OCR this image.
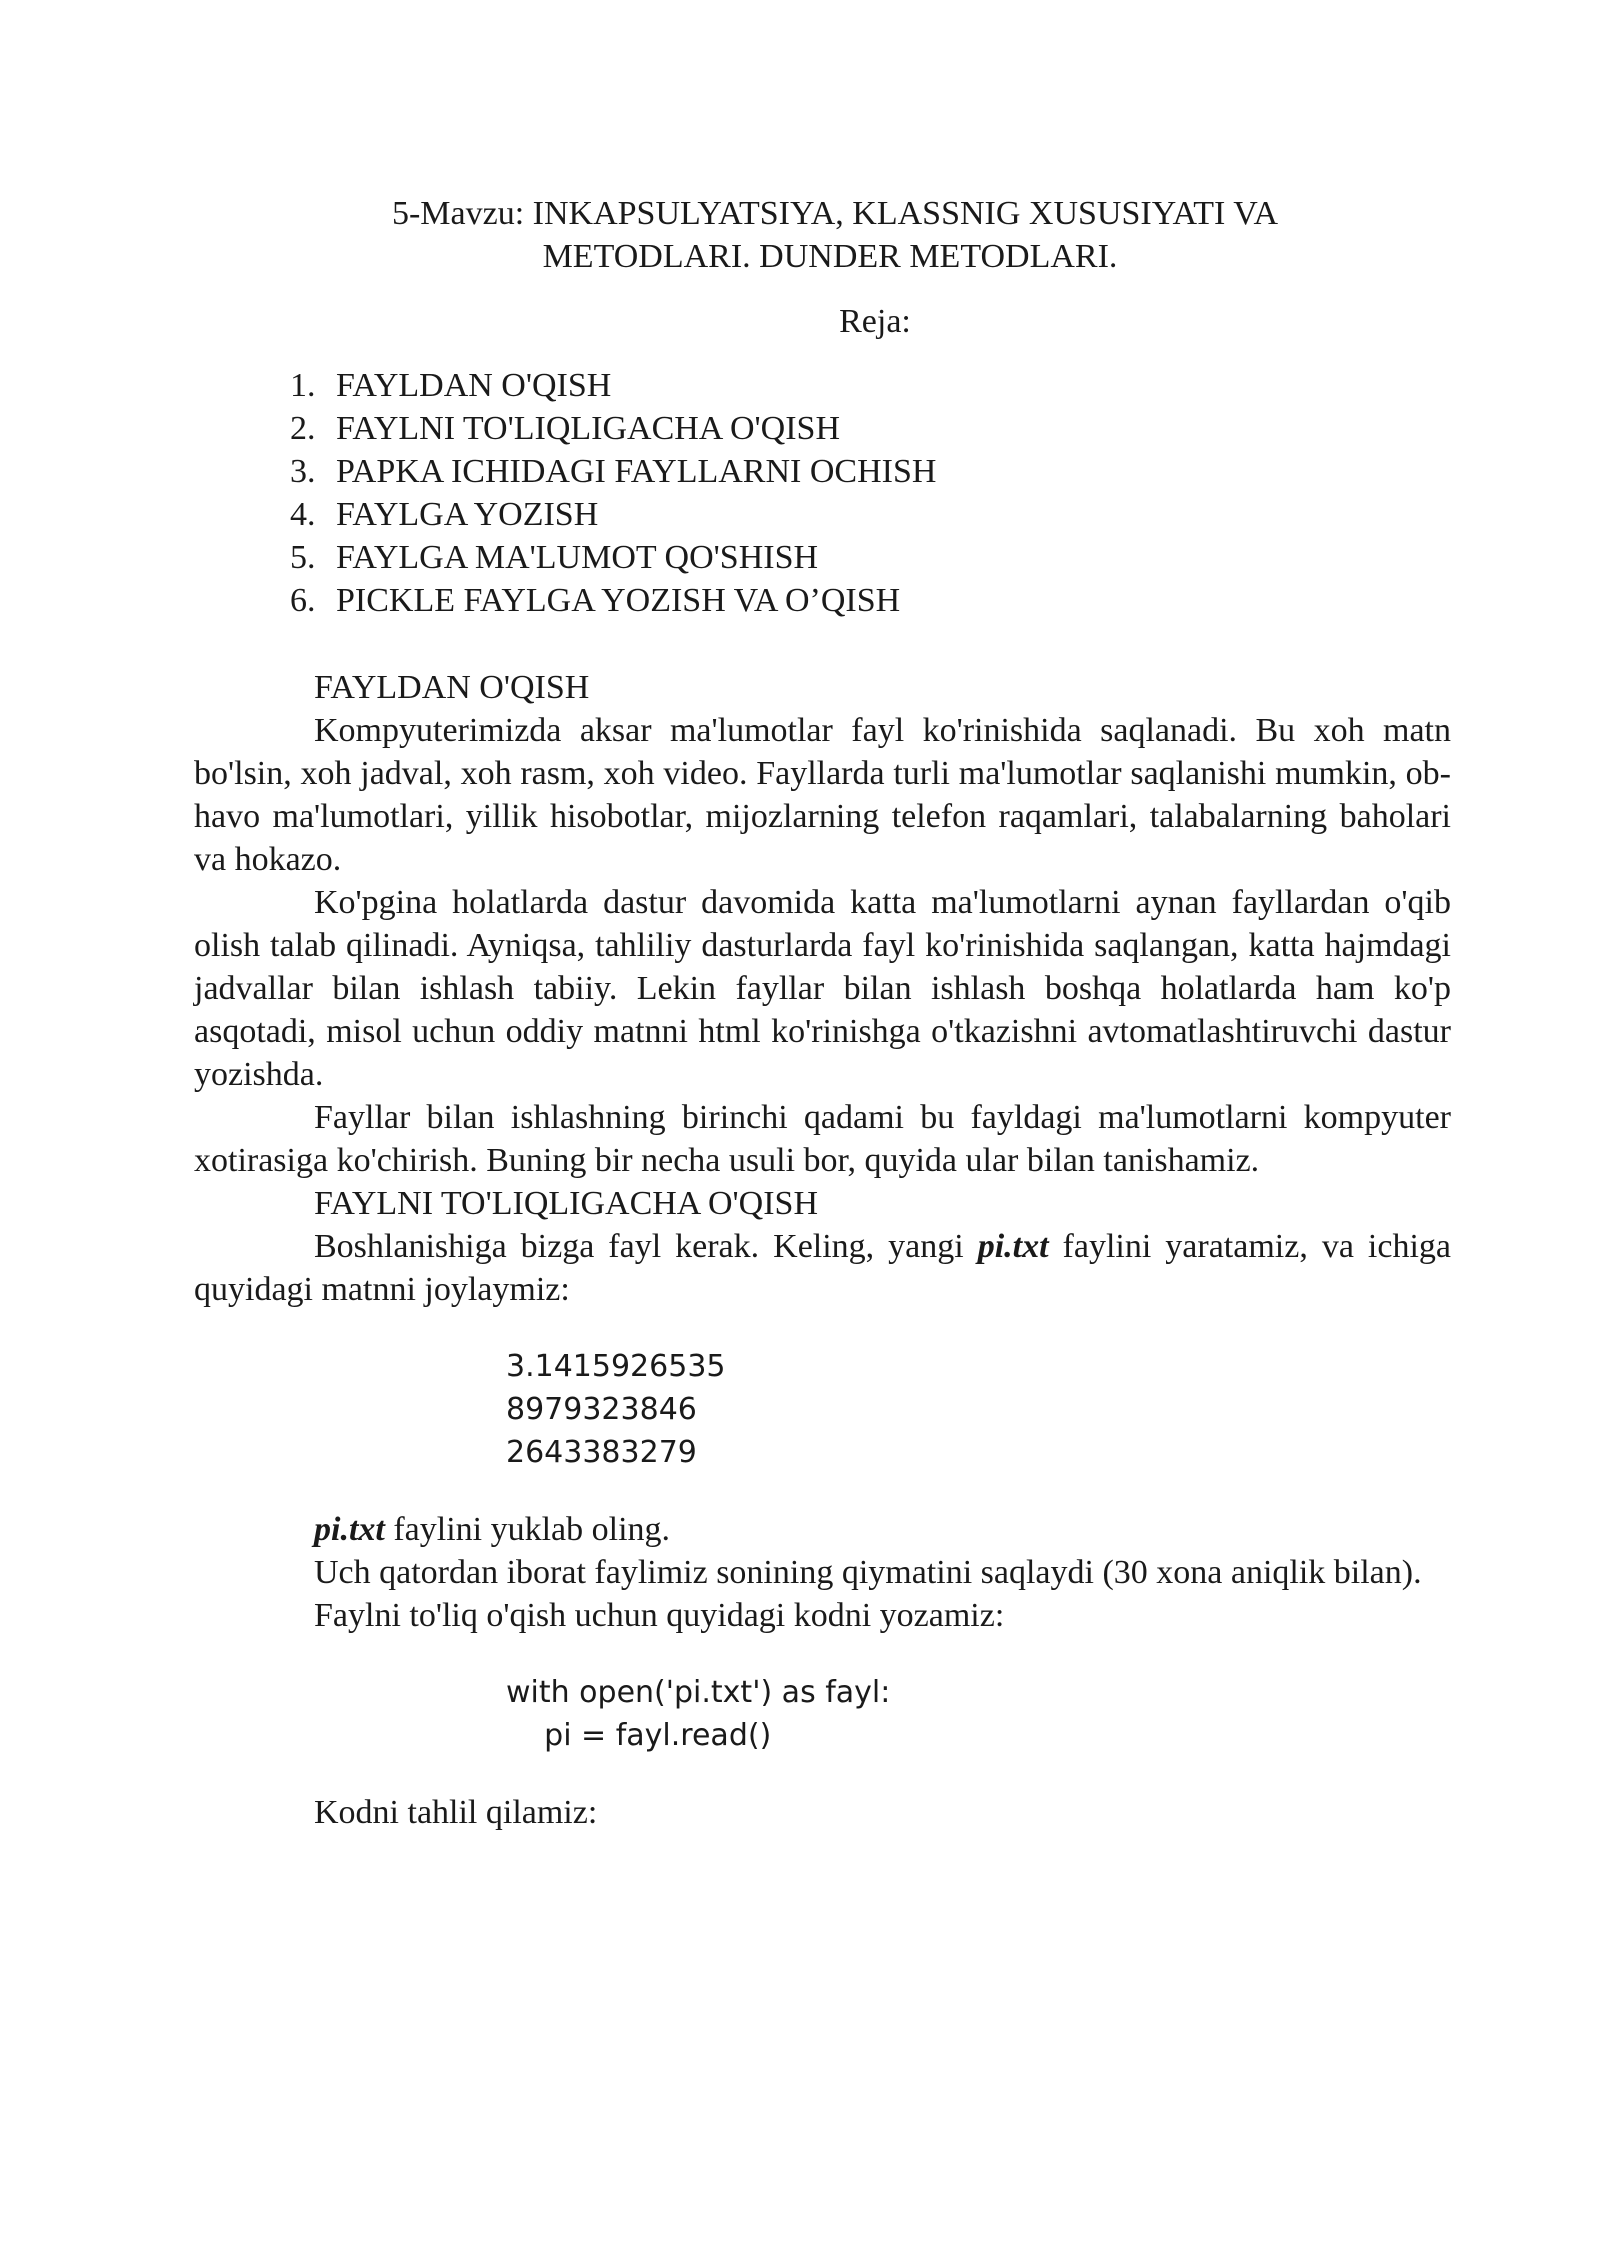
5-Mavzu: INKAPSULYATSIYA, KLASSNIG XUSUSIYATI VA
METODLARI. DUNDER METODLARI.
Reja:
1. FAYLDAN O'QISH
2. FAYLNI TO'LIQLIGACHA O'QISH
3. PAPKA ICHIDAGI FAYLLARNI OCHISH
4. FAYLGA YOZISH
5. FAYLGA MA'LUMOT QO'SHISH
6. PICKLE FAYLGA YOZISH VA O’QISH
FAYLDAN O'QISH
Kompyuterimizda aksar ma'lumotlar fayl ko'rinishida saqlanadi. Bu xoh matn bo'lsin, xoh jadval, xoh rasm, xoh video. Fayllarda turli ma'lumotlar saqlanishi mumkin, ob-havo ma'lumotlari, yillik hisobotlar, mijozlarning telefon raqamlari, talabalarning baholari va hokazo.
Ko'pgina holatlarda dastur davomida katta ma'lumotlarni aynan fayllardan o'qib olish talab qilinadi. Ayniqsa, tahliliy dasturlarda fayl ko'rinishida saqlangan, katta hajmdagi jadvallar bilan ishlash tabiiy. Lekin fayllar bilan ishlash boshqa holatlarda ham ko'p asqotadi, misol uchun oddiy matnni html ko'rinishga o'tkazishni avtomatlashtiruvchi dastur yozishda.
Fayllar bilan ishlashning birinchi qadami bu fayldagi ma'lumotlarni kompyuter xotirasiga ko'chirish. Buning bir necha usuli bor, quyida ular bilan tanishamiz.
FAYLNI TO'LIQLIGACHA O'QISH
Boshlanishiga bizga fayl kerak. Keling, yangi pi.txt faylini yaratamiz, va ichiga quyidagi matnni joylaymiz:
3.1415926535
8979323846
2643383279
pi.txt faylini yuklab oling.
Uch qatordan iborat faylimiz sonining qiymatini saqlaydi (30 xona aniqlik bilan).
Faylni to'liq o'qish uchun quyidagi kodni yozamiz:
with open('pi.txt') as fayl:
pi = fayl.read()
Kodni tahlil qilamiz:
